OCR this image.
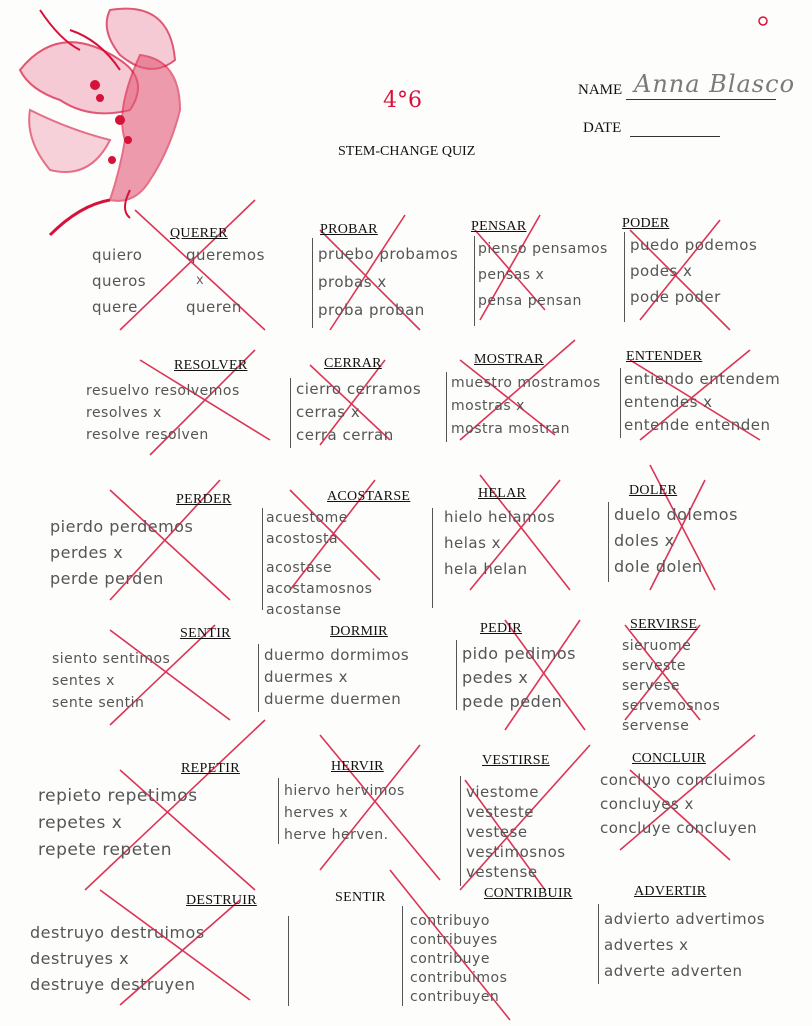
4°6	NAME Anna Blasco
DATE
STEM-CHANGE QUIZ
QUERER
quiero
queros
quere
queremos
x
queren
PROBAR
pruebo probamos
probas x
proba proban
PENSAR
pienso pensamos
pensas x
pensa pensan
PODER
puedo podemos
podes x
pode poder
RESOLVER
resuelvo resolvemos
resolves x
resolve resolven
CERRAR
cierro cerramos
cerras x
cerra cerran
MOSTRAR
muestro mostramos
mostras x
mostra mostran
ENTENDER
entiendo entendem
entendes x
entende entenden
PERDER
pierdo perdemos
perdes x
perde perden
ACOSTARSE
acuestome
acostosta
acostase
acostamosnos
acostanse
HELAR
hielo helamos
helas x
hela helan
DOLER
duelo dolemos
doles x
dole dolen
SENTIR
siento sentimos
sentes x
sente sentin
DORMIR
duermo dormimos
duermes x
duerme duermen
PEDIR
pido pedimos
pedes x
pede peden
SERVIRSE
sieruome
serveste
servese
servemosnos
servense
REPETIR
repieto repetimos
repetes x
repete repeten
HERVIR
hiervo hervimos
herves x
herve herven.
VESTIRSE
viestome
vesteste
vestese
vestimosnos
vestense
CONCLUIR
concluyo concluimos
concluyes x
concluye concluyen
DESTRUIR
destruyo destruimos
destruyes x
destruye destruyen
SENTIR	CONTRIBUIR
contribuyo
contribuyes
contribuye
contribuimos
contribuyen
ADVERTIR
advierto advertimos
advertes x
adverte adverten
